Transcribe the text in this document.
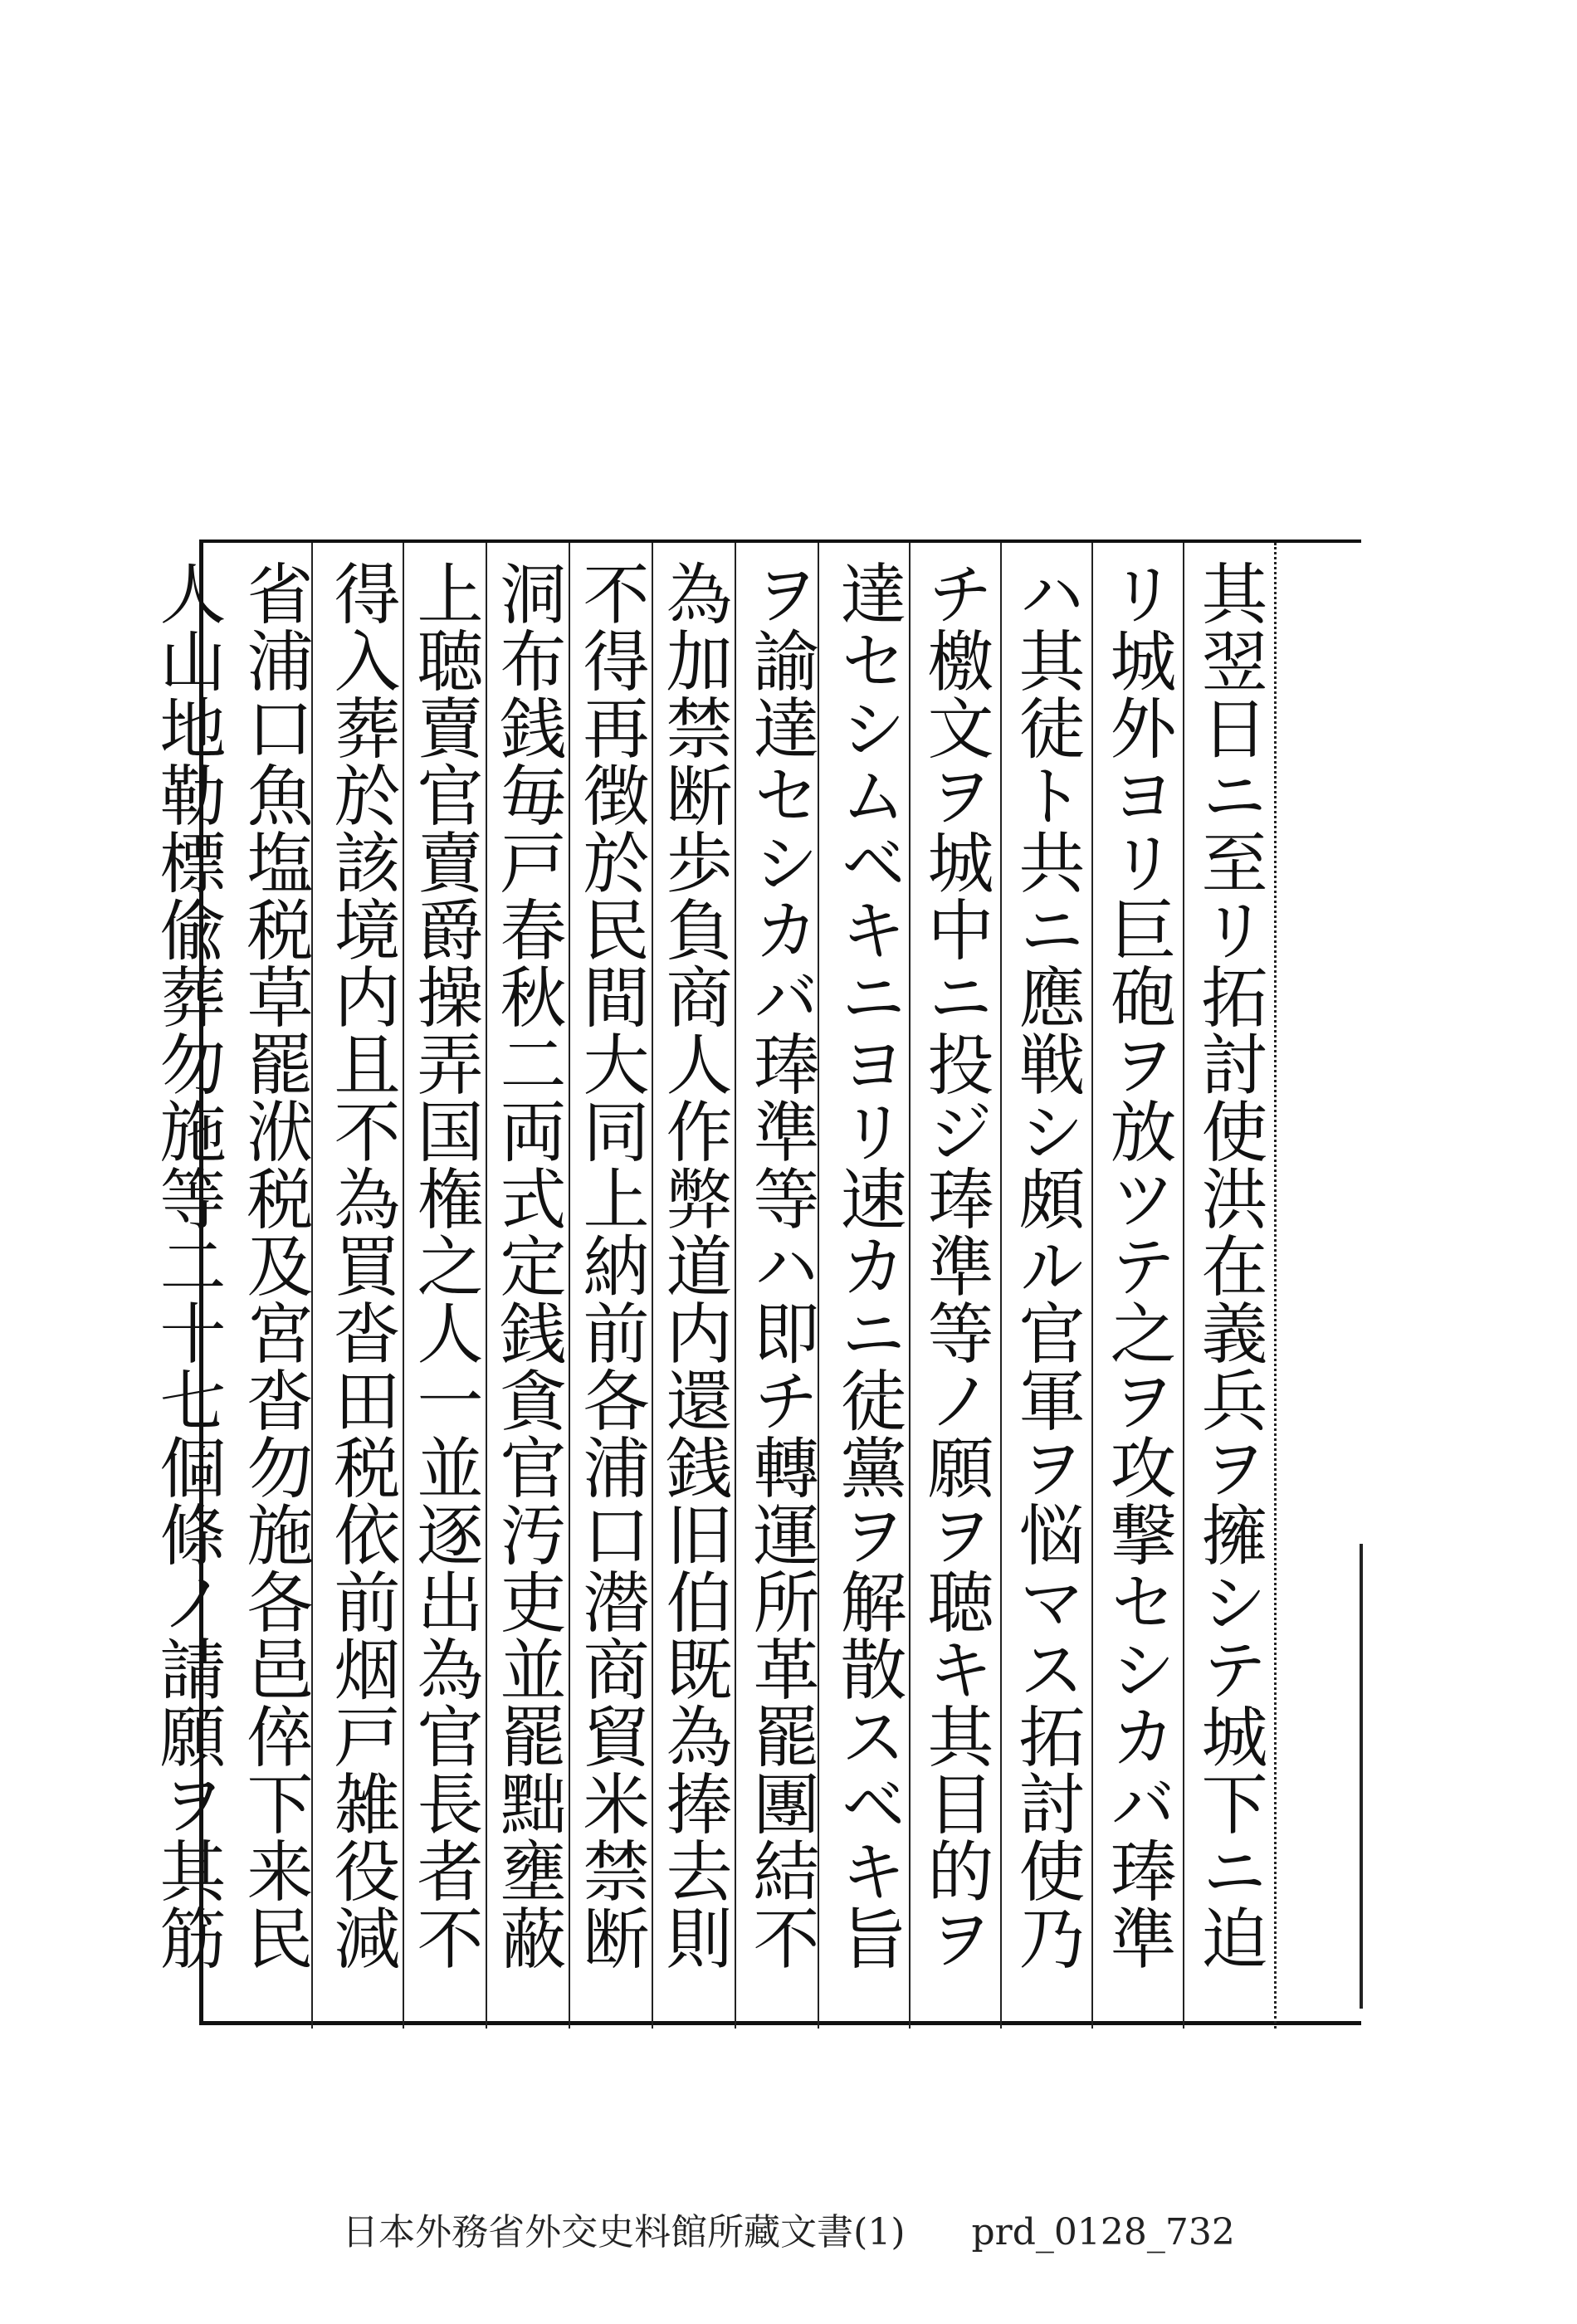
其翌日ニ至リ拓討使洪在義兵ヲ擁シテ城下ニ迫
リ城外ヨリ巨砲ヲ放ツテ之ヲ攻撃セシカバ琫準
ハ其徒ト共ニ應戦シ頗ル官軍ヲ悩マス拓討使乃
チ檄文ヲ城中ニ投ジ琫準等ノ願ヲ聴キ其目的ヲ
達セシムベキニヨリ速カニ徒黨ヲ解散スベキ旨
ヲ諭達セシカバ琫準等ハ即チ轉運所革罷團結不
為加禁断歩負商人作弊道内還銭旧伯既為捧去則
不得再徴於民間大同上納前各浦口潜商貿米禁断
洞布銭毎戸春秋二両式定銭貪官汚吏並罷黜壅蔽
上聴賣官賣爵操弄国権之人一並逐出為官長者不
得入葬於該境内且不為買沓田税依前烟戸雑役減
省浦口魚塩税草罷洑税及宮沓勿施各邑倅下来民
人山地勒標偸葬勿施等二十七個條ノ請願ヲ其筋
日本外務省外交史料館所藏文書(1) prd_0128_732
